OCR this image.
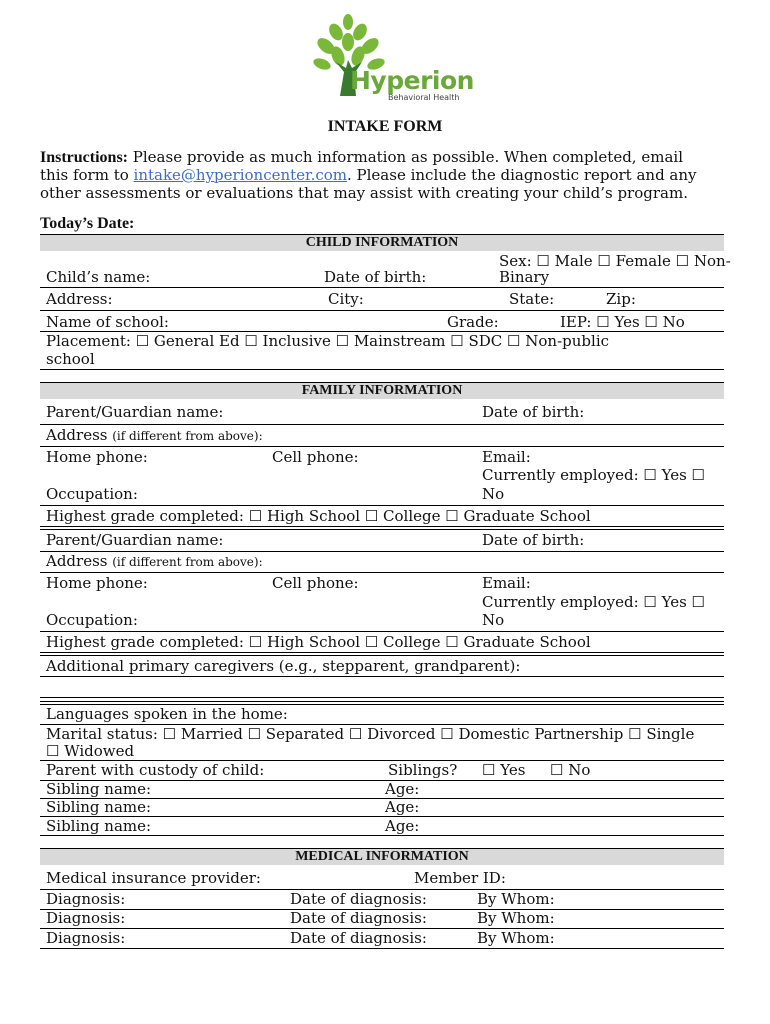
Hyperion
Behavioral Health
INTAKE FORM
Instructions: Please provide as much information as possible. When completed, email
this form to intake@hyperioncenter.com. Please include the diagnostic report and any
other assessments or evaluations that may assist with creating your child’s program.
Today’s Date:
CHILD INFORMATION
Child’s name:	Date of birth:
Sex: ☐ Male ☐ Female ☐ Non-
Binary
Address:	City:	State:	Zip:
Name of school:	Grade:	IEP: ☐ Yes ☐ No
Placement: ☐ General Ed ☐ Inclusive ☐ Mainstream ☐ SDC ☐ Non-public
school
FAMILY INFORMATION
Parent/Guardian name:	Date of birth:
Address (if different from above):
Home phone:	Cell phone:	Email:
Currently employed: ☐ Yes ☐
No
Occupation:
Highest grade completed: ☐ High School ☐ College ☐ Graduate School
Parent/Guardian name:	Date of birth:
Address (if different from above):
Home phone:	Cell phone:	Email:
Currently employed: ☐ Yes ☐
No
Occupation:
Highest grade completed: ☐ High School ☐ College ☐ Graduate School
Additional primary caregivers (e.g., stepparent, grandparent):
Languages spoken in the home:
Marital status: ☐ Married ☐ Separated ☐ Divorced ☐ Domestic Partnership ☐ Single
☐ Widowed
Parent with custody of child:	Siblings? ☐ Yes ☐ No
Sibling name:	Age:
Sibling name:	Age:
Sibling name:	Age:
MEDICAL INFORMATION
Medical insurance provider:	Member ID:
Diagnosis:	Date of diagnosis:	By Whom:
Diagnosis:	Date of diagnosis:	By Whom:
Diagnosis:	Date of diagnosis:	By Whom:
